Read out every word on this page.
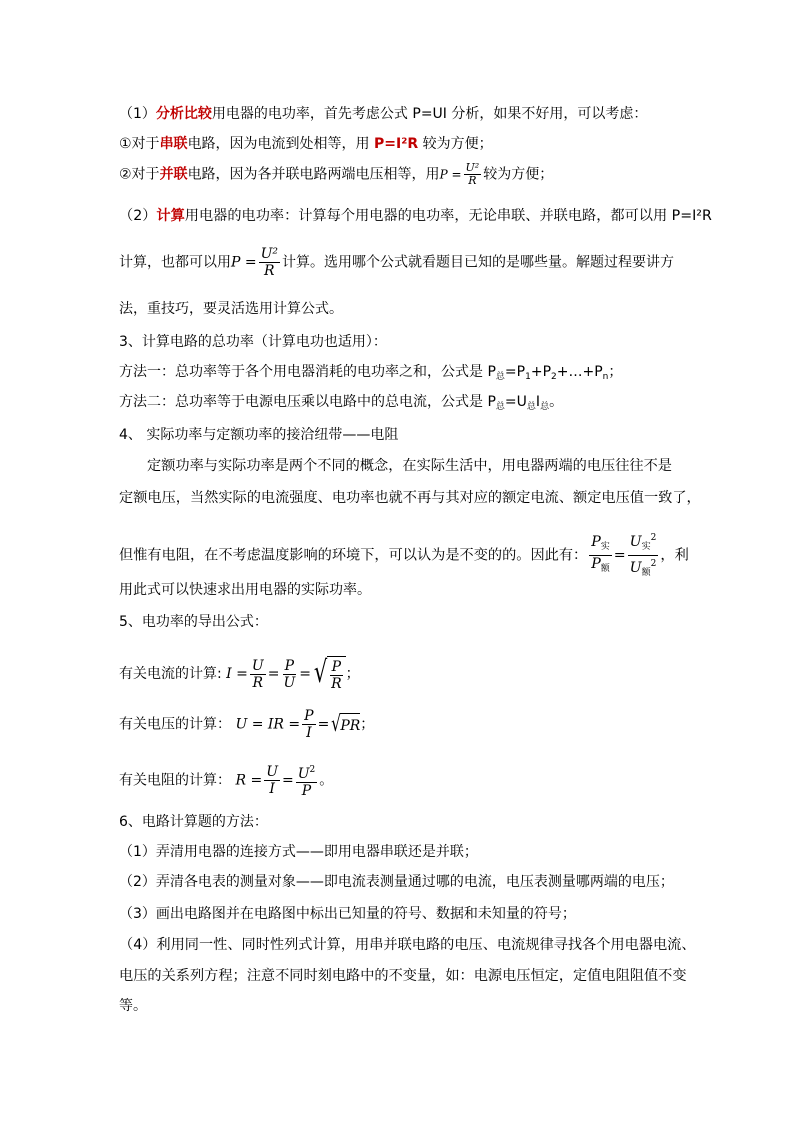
（1）分析比较用电器的电功率，首先考虑公式 P=UI 分析，如果不好用，可以考虑：
①对于串联电路，因为电流到处相等，用 P=I²R 较为方便；
②对于并联电路，因为各并联电路两端电压相等，用$P = \frac{\text{U²}}{R}$ 较为方便；
（2）计算用电器的电功率：计算每个用电器的电功率，无论串联、并联电路，都可以用 P=I²R
计算，也都可以用$P = \frac{\text{U²}}{R}$ 计算。选用哪个公式就看题目已知的是哪些量。解题过程要讲方
法，重技巧，要灵活选用计算公式。
3、计算电路的总功率（计算电功也适用）：
方法一：总功率等于各个用电器消耗的电功率之和，公式是 $P_总=P_1+P_2+\dots+P_n$；
方法二：总功率等于电源电压乘以电路中的总电流，公式是 $P_总=U_总I_总$。
4、 实际功率与定额功率的接洽纽带——电阻
定额功率与实际功率是两个不同的概念，在实际生活中，用电器两端的电压往往不是
定额电压，当然实际的电流强度、电功率也就不再与其对应的额定电流、额定电压值一致了，
但惟有电阻，在不考虑温度影响的环境下，可以认为是不变的的。因此有： $\frac{P_实}{P_额} = \frac{U_实^2}{U_额^2}$ ，利
用此式可以快速求出用电器的实际功率。
5、电功率的导出公式：
有关电流的计算: $I = \frac{U}{R} = \frac{P}{U}$ = √ $\frac{P}{R}$ ；
有关电压的计算： U = IR = $\frac{P}{I}$ = √ PR ；
有关电阻的计算： $R = \frac{U}{I} = \frac{U^2}{P}$ 。
6、电路计算题的方法：
（1）弄清用电器的连接方式——即用电器串联还是并联；
（2）弄清各电表的测量对象——即电流表测量通过哪的电流，电压表测量哪两端的电压；
（3）画出电路图并在电路图中标出已知量的符号、数据和未知量的符号；
（4）利用同一性、同时性列式计算，用串并联电路的电压、电流规律寻找各个用电器电流、
电压的关系列方程；注意不同时刻电路中的不变量，如：电源电压恒定，定值电阻阻值不变
等。
